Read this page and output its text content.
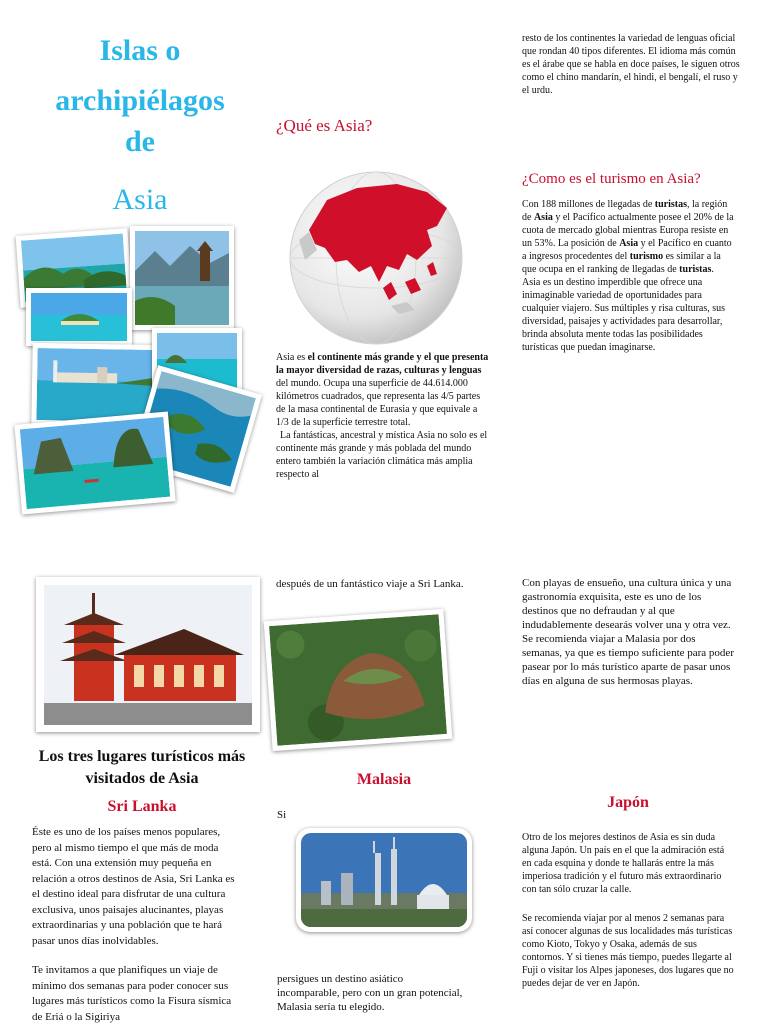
Islas o
archipiélagos
de
Asia
¿Qué es Asia?

Asia es el continente más grande y el que presenta la mayor diversidad de razas, culturas y lenguas del mundo. Ocupa una superficie de 44.614.000 kilómetros cuadrados, que representa las 4/5 partes de la masa continental de Eurasia y que equivale a 1/3 de la superficie terrestre total.

La fantásticas, ancestral y mística Asia no solo es el continente más grande y más poblada del mundo entero también la variación climática más amplia respecto al

resto de los continentes la variedad de lenguas oficial que rondan 40 tipos diferentes. El idioma más común es el árabe que se habla en doce países, le siguen otros como el chino mandarín, el hindi, el bengalí, el ruso y el urdu.
¿Como es el turismo en Asia?

Con 188 millones de llegadas de turistas, la región de Asia y el Pacífico actualmente posee el 20% de la cuota de mercado global mientras Europa resiste en un 53%. La posición de Asia y el Pacífico en cuanto a ingresos procedentes del turismo es similar a la que ocupa en el ranking de llegadas de turistas.

Asia es un destino imperdible que ofrece una inimaginable variedad de oportunidades para cualquier viajero. Sus múltiples y risa culturas, sus diversidad, paisajes y actividades para desarrollar, brinda absoluta mente todas las posibilidades turísticas que puedan imaginarse.

Los tres lugares turísticos más visitados de Asia
Sri Lanka

Éste es uno de los países menos populares, pero al mismo tiempo el que más de moda está. Con una extensión muy pequeña en relación a otros destinos de Asia, Sri Lanka es el destino ideal para disfrutar de una cultura exclusiva, unos paisajes alucinantes, playas extraordinarias y una población que te hará pasar unos días inolvidables.

Te invitamos a que planifiques un viaje de mínimo dos semanas para poder conocer sus lugares más turísticos como la Fisura sísmica de Eriá o la Sigiriya

después de un fantástico viaje a Sri Lanka.
Malasia
Si
persigues un destino asiático incomparable, pero con un gran potencial, Malasia sería tu elegido.
Con playas de ensueño, una cultura única y una gastronomía exquisita, este es uno de los destinos que no defraudan y al que indudablemente desearás volver una y otra vez. Se recomienda viajar a Malasia por dos semanas, ya que es tiempo suficiente para poder pasear por lo más turístico aparte de pasar unos días en alguna de sus hermosas playas.
Japón

Otro de los mejores destinos de Asia es sin duda alguna Japón. Un país en el que la admiración está en cada esquina y donde te hallarás entre la más imperiosa tradición y el futuro más extraordinario con tan sólo cruzar la calle.

Se recomienda viajar por al menos 2 semanas para así conocer algunas de sus localidades más turísticas como Kioto, Tokyo y Osaka, además de sus contornos. Y si tienes más tiempo, puedes llegarte al Fuji o visitar los Alpes japoneses, dos lugares que no puedes dejar de ver en Japón.
